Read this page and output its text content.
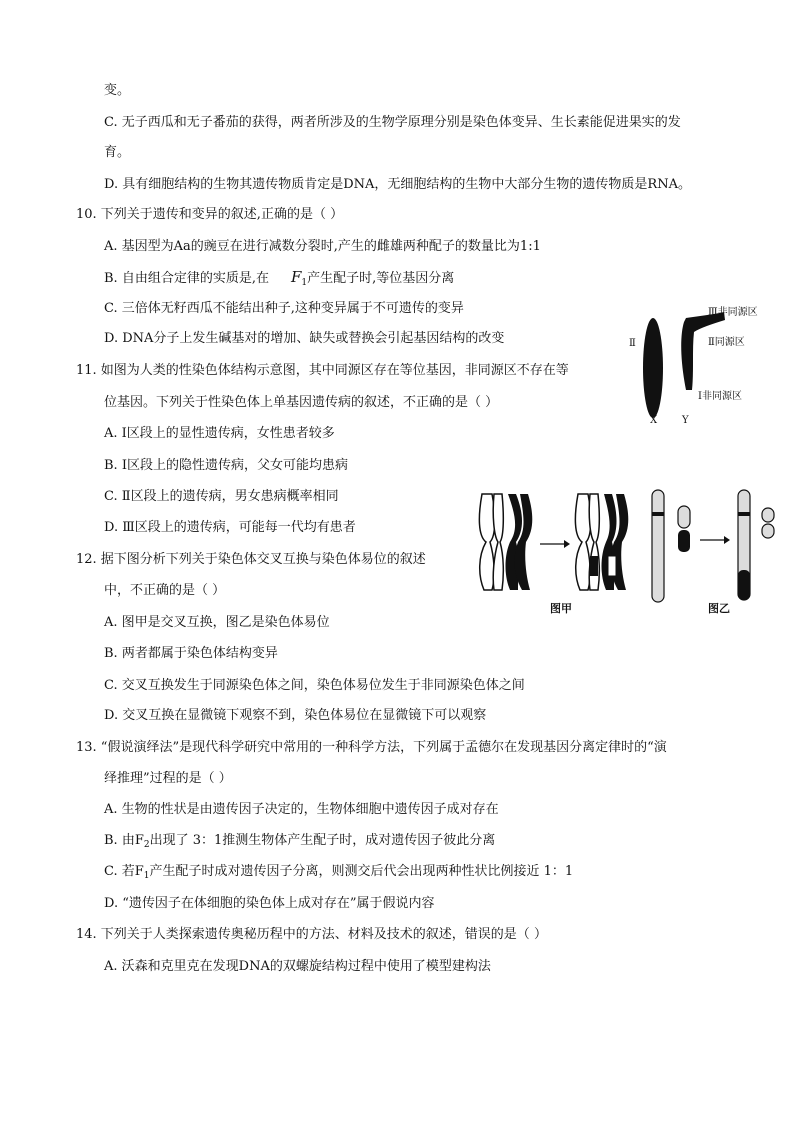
变。
C. 无子西瓜和无子番茄的获得，两者所涉及的生物学原理分别是染色体变异、生长素能促进果实的发
育。
D. 具有细胞结构的生物其遗传物质肯定是DNA，无细胞结构的生物中大部分生物的遗传物质是RNA。
10. 下列关于遗传和变异的叙述,正确的是（ ）
A. 基因型为Aa的豌豆在进行减数分裂时,产生的雌雄两种配子的数量比为1:1
B. 自由组合定律的实质是,在 $F_1$产生配子时,等位基因分离
C. 三倍体无籽西瓜不能结出种子,这种变异属于不可遗传的变异
D. DNA分子上发生碱基对的增加、缺失或替换会引起基因结构的改变
11. 如图为人类的性染色体结构示意图，其中同源区存在等位基因，非同源区不存在等
位基因。下列关于性染色体上单基因遗传病的叙述，不正确的是（ ）
A. Ⅰ区段上的显性遗传病，女性患者较多
B. Ⅰ区段上的隐性遗传病，父女可能均患病
C. Ⅱ区段上的遗传病，男女患病概率相同
D. Ⅲ区段上的遗传病，可能每一代均有患者
Ⅲ非同源区
Ⅱ同源区
Ⅱ
Ⅰ非同源区
X Y
12. 据下图分析下列关于染色体交叉互换与染色体易位的叙述
中，不正确的是（ ）
A. 图甲是交叉互换，图乙是染色体易位
B. 两者都属于染色体结构变异
C. 交叉互换发生于同源染色体之间，染色体易位发生于非同源染色体之间
D. 交叉互换在显微镜下观察不到，染色体易位在显微镜下可以观察
图甲	图乙
13. “假说演绎法”是现代科学研究中常用的一种科学方法，下列属于孟德尔在发现基因分离定律时的“演
绎推理”过程的是（ ）
A. 生物的性状是由遗传因子决定的，生物体细胞中遗传因子成对存在
B. 由$F_2$出现了 3：1推测生物体产生配子时，成对遗传因子彼此分离
C. 若$F_1$产生配子时成对遗传因子分离，则测交后代会出现两种性状比例接近 1：1
D. “遗传因子在体细胞的染色体上成对存在”属于假说内容
14. 下列关于人类探索遗传奥秘历程中的方法、材料及技术的叙述，错误的是（ ）
A. 沃森和克里克在发现DNA的双螺旋结构过程中使用了模型建构法
